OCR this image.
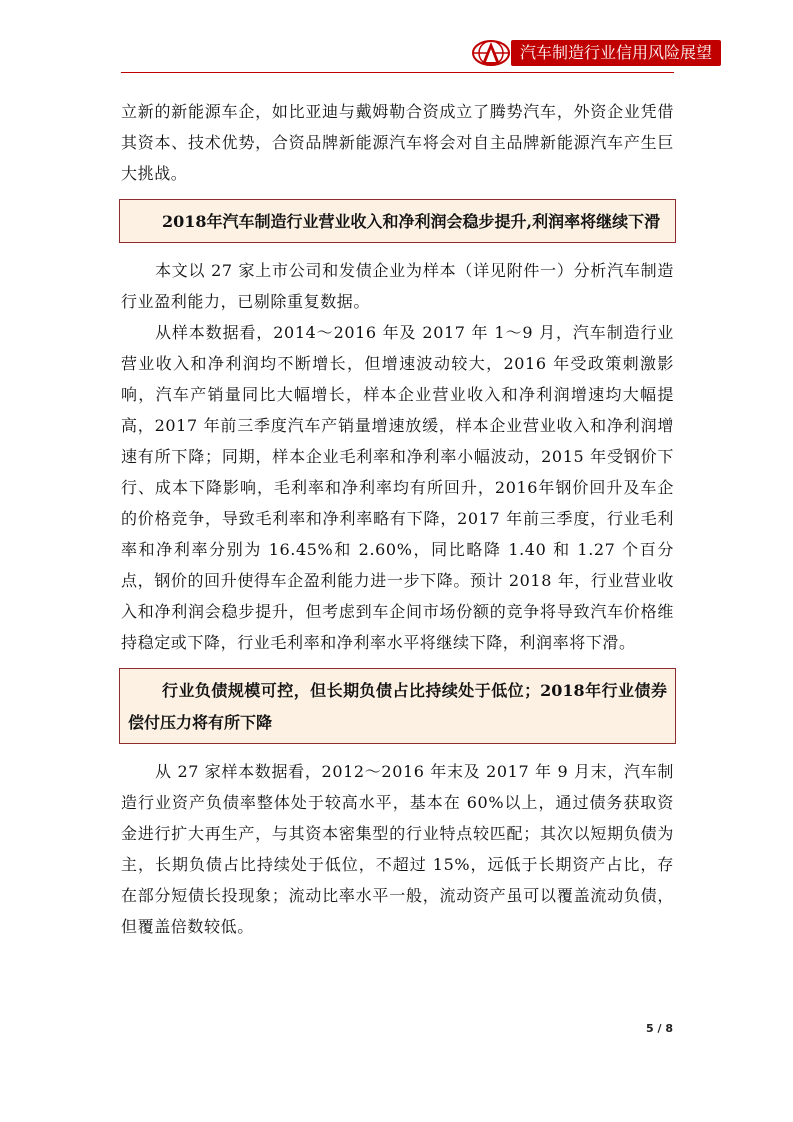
汽车制造行业信用风险展望

立新的新能源车企，如比亚迪与戴姆勒合资成立了腾势汽车，外资企业凭借其资本、技术优势，合资品牌新能源汽车将会对自主品牌新能源汽车产生巨大挑战。

2018年汽车制造行业营业收入和净利润会稳步提升,利润率将继续下滑

本文以 27 家上市公司和发债企业为样本（详见附件一）分析汽车制造行业盈利能力，已剔除重复数据。

从样本数据看，2014～2016 年及 2017 年 1～9 月，汽车制造行业营业收入和净利润均不断增长，但增速波动较大，2016 年受政策刺激影响，汽车产销量同比大幅增长，样本企业营业收入和净利润增速均大幅提高，2017 年前三季度汽车产销量增速放缓，样本企业营业收入和净利润增速有所下降；同期，样本企业毛利率和净利率小幅波动，2015 年受钢价下行、成本下降影响，毛利率和净利率均有所回升，2016年钢价回升及车企的价格竞争，导致毛利率和净利率略有下降，2017 年前三季度，行业毛利率和净利率分别为 16.45%和 2.60%，同比略降 1.40 和 1.27 个百分点，钢价的回升使得车企盈利能力进一步下降。预计 2018 年，行业营业收入和净利润会稳步提升，但考虑到车企间市场份额的竞争将导致汽车价格维持稳定或下降，行业毛利率和净利率水平将继续下降，利润率将下滑。

行业负债规模可控，但长期负债占比持续处于低位；2018年行业债券偿付压力将有所下降

从 27 家样本数据看，2012～2016 年末及 2017 年 9 月末，汽车制造行业资产负债率整体处于较高水平，基本在 60%以上，通过债务获取资金进行扩大再生产，与其资本密集型的行业特点较匹配；其次以短期负债为主，长期负债占比持续处于低位，不超过 15%，远低于长期资产占比，存在部分短债长投现象；流动比率水平一般，流动资产虽可以覆盖流动负债，但覆盖倍数较低。

5 / 8
